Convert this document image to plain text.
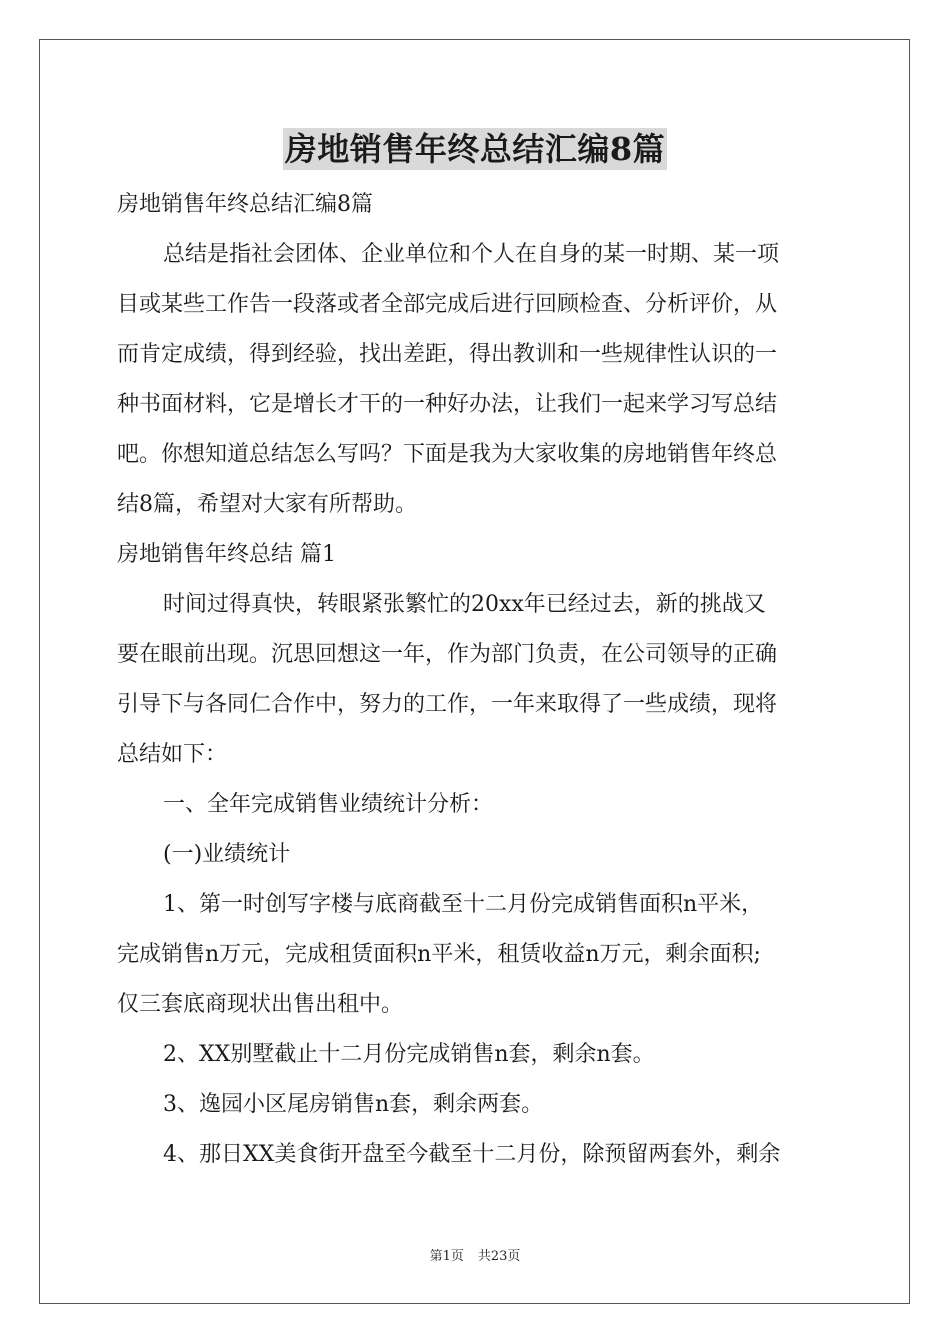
房地销售年终总结汇编8篇

房地销售年终总结汇编8篇

总结是指社会团体、企业单位和个人在自身的某一时期、某一项

目或某些工作告一段落或者全部完成后进行回顾检查、分析评价，从

而肯定成绩，得到经验，找出差距，得出教训和一些规律性认识的一

种书面材料，它是增长才干的一种好办法，让我们一起来学习写总结

吧。你想知道总结怎么写吗？下面是我为大家收集的房地销售年终总

结8篇，希望对大家有所帮助。

房地销售年终总结 篇1

时间过得真快，转眼紧张繁忙的20xx年已经过去，新的挑战又

要在眼前出现。沉思回想这一年，作为部门负责，在公司领导的正确

引导下与各同仁合作中，努力的工作，一年来取得了一些成绩，现将

总结如下：

一、全年完成销售业绩统计分析：

(一)业绩统计

1、第一时创写字楼与底商截至十二月份完成销售面积n平米，

完成销售n万元，完成租赁面积n平米，租赁收益n万元，剩余面积;

仅三套底商现状出售出租中。

2、XX别墅截止十二月份完成销售n套，剩余n套。

3、逸园小区尾房销售n套，剩余两套。

4、那日XX美食街开盘至今截至十二月份，除预留两套外，剩余

第1页 共23页
